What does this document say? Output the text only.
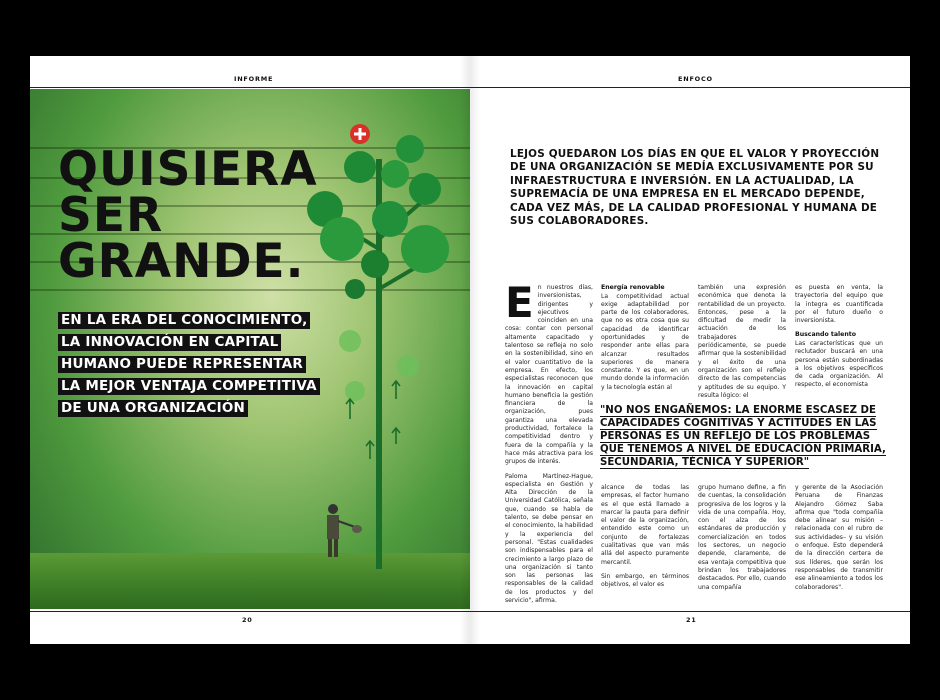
INFORME
QUISIERA
SER
GRANDE.
EN LA ERA DEL CONOCIMIENTO,
LA INNOVACIÓN EN CAPITAL
HUMANO PUEDE REPRESENTAR
LA MEJOR VENTAJA COMPETITIVA
DE UNA ORGANIZACIÓN
20
ENFOCO
LEJOS QUEDARON LOS DÍAS EN QUE EL VALOR Y PROYECCIÓN DE UNA ORGANIZACIÓN SE MEDÍA EXCLUSIVAMENTE POR SU INFRAESTRUCTURA E INVERSIÓN. EN LA ACTUALIDAD, LA SUPREMACÍA DE UNA EMPRESA EN EL MERCADO DEPENDE, CADA VEZ MÁS, DE LA CALIDAD PROFESIONAL Y HUMANA DE SUS COLABORADORES.
En nuestros días, inversionistas, dirigentes y ejecutivos coinciden en una cosa: contar con personal altamente capacitado y talentoso se refleja no solo en la sostenibilidad, sino en el valor cuantitativo de la empresa. En efecto, los especialistas reconocen que la innovación en capital humano beneficia la gestión financiera de la organización, pues garantiza una elevada productividad, fortalece la competitividad dentro y fuera de la compañía y la hace más atractiva para los grupos de interés.
Paloma Martínez-Hague, especialista en Gestión y Alta Dirección de la Universidad Católica, señala que, cuando se habla de talento, se debe pensar en el conocimiento, la habilidad y la experiencia del personal. "Estas cualidades son indispensables para el crecimiento a largo plazo de una organización si tanto son las personas las responsables de la calidad de los productos y del servicio", afirma.
Energía renovable
La competitividad actual exige adaptabilidad por parte de los colaboradores, que no es otra cosa que su capacidad de identificar oportunidades y de responder ante ellas para alcanzar resultados superiores de manera constante. Y es que, en un mundo donde la información y la tecnología están al
alcance de todas las empresas, el factor humano es el que está llamado a marcar la pauta para definir el valor de la organización, entendido este como un conjunto de fortalezas cualitativas que van más allá del aspecto puramente mercantil.
Sin embargo, en términos objetivos, el valor es
también una expresión económica que denota la rentabilidad de un proyecto. Entonces, pese a la dificultad de medir la actuación de los trabajadores periódicamente, se puede afirmar que la sostenibilidad y el éxito de una organización son el reflejo directo de las competencias y aptitudes de su equipo. Y resulta lógico: el
grupo humano define, a fin de cuentas, la consolidación progresiva de los logros y la vida de una compañía. Hoy, con el alza de los estándares de producción y comercialización en todos los sectores, un negocio depende, claramente, de esa ventaja competitiva que brindan los trabajadores destacados. Por ello, cuando una compañía
es puesta en venta, la trayectoria del equipo que la integra es cuantificada por el futuro dueño o inversionista.
Buscando talento
Las características que un reclutador buscará en una persona están subordinadas a los objetivos específicos de cada organización. Al respecto, el economista
y gerente de la Asociación Peruana de Finanzas Alejandro Gómez Saba afirma que "toda compañía debe alinear su misión –relacionada con el rubro de sus actividades– y su visión o enfoque. Esto dependerá de la dirección certera de sus líderes, que serán los responsables de transmitir ese alineamiento a todos los colaboradores".
"NO NOS ENGAÑEMOS: LA ENORME ESCASEZ DE
CAPACIDADES COGNITIVAS Y ACTITUDES EN LAS
PERSONAS ES UN REFLEJO DE LOS PROBLEMAS
QUE TENEMOS A NIVEL DE EDUCACIÓN PRIMARIA,
SECUNDARIA, TÉCNICA Y SUPERIOR"
21
